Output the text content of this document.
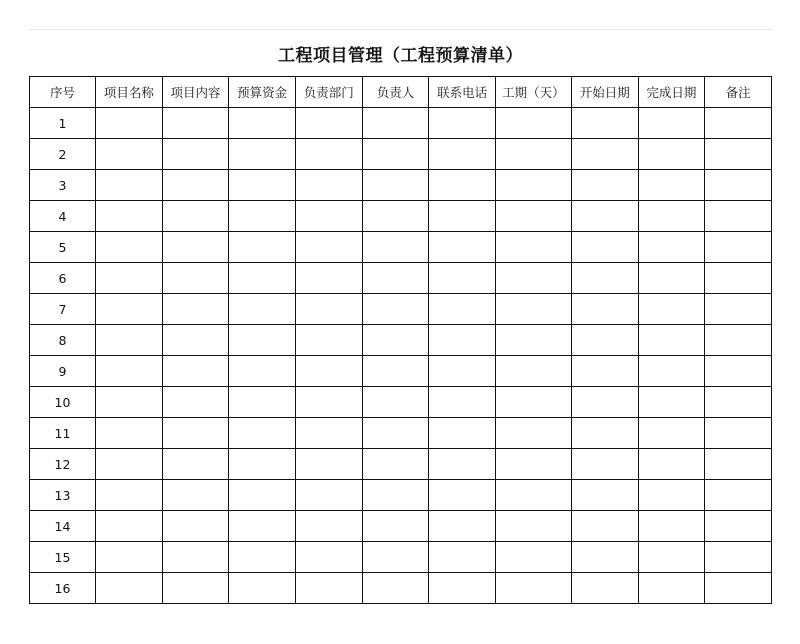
工程项目管理（工程预算清单）
序号	项目名称	项目内容	预算资金	负责部门	负责人	联系电话	工期（天）	开始日期	完成日期	备注
1										
2										
3										
4										
5										
6										
7										
8										
9										
10										
11										
12										
13										
14										
15										
16										
